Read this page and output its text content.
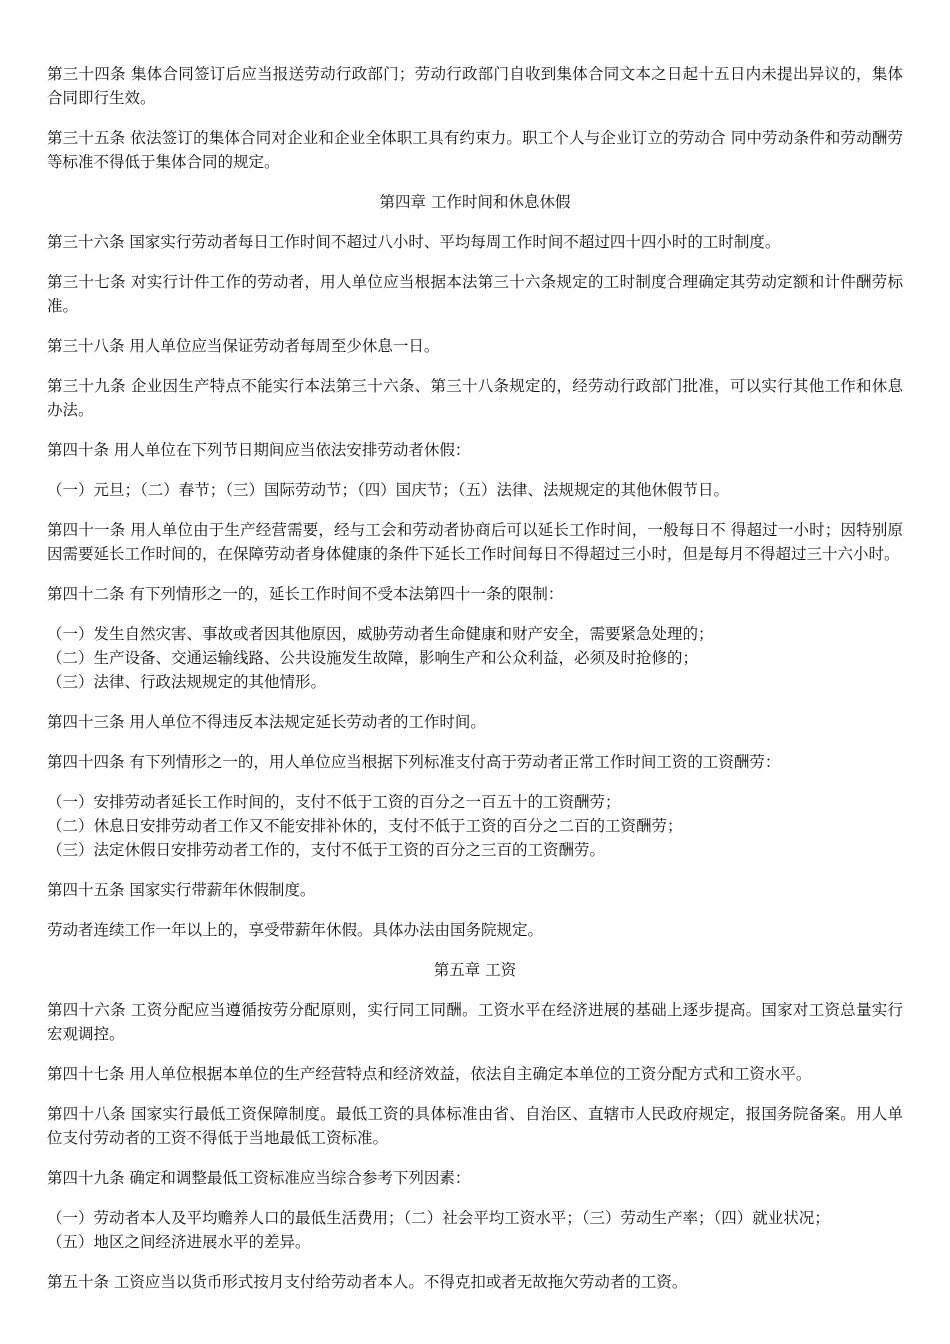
第三十四条 集体合同签订后应当报送劳动行政部门；劳动行政部门自收到集体合同文本之日起十五日内未提出异议的，集体合同即行生效。

第三十五条 依法签订的集体合同对企业和企业全体职工具有约束力。职工个人与企业订立的劳动合 同中劳动条件和劳动酬劳等标准不得低于集体合同的规定。

第四章 工作时间和休息休假

第三十六条 国家实行劳动者每日工作时间不超过八小时、平均每周工作时间不超过四十四小时的工时制度。

第三十七条 对实行计件工作的劳动者，用人单位应当根据本法第三十六条规定的工时制度合理确定其劳动定额和计件酬劳标准。

第三十八条 用人单位应当保证劳动者每周至少休息一日。

第三十九条 企业因生产特点不能实行本法第三十六条、第三十八条规定的，经劳动行政部门批准，可以实行其他工作和休息办法。

第四十条 用人单位在下列节日期间应当依法安排劳动者休假：

（一）元旦；（二）春节；（三）国际劳动节；（四）国庆节；（五）法律、法规规定的其他休假节日。

第四十一条 用人单位由于生产经营需要，经与工会和劳动者协商后可以延长工作时间，一般每日不 得超过一小时；因特别原因需要延长工作时间的，在保障劳动者身体健康的条件下延长工作时间每日不得超过三小时，但是每月不得超过三十六小时。

第四十二条 有下列情形之一的，延长工作时间不受本法第四十一条的限制：

（一）发生自然灾害、事故或者因其他原因，威胁劳动者生命健康和财产安全，需要紧急处理的；

（二）生产设备、交通运输线路、公共设施发生故障，影响生产和公众利益，必须及时抢修的；

（三）法律、行政法规规定的其他情形。

第四十三条 用人单位不得违反本法规定延长劳动者的工作时间。

第四十四条 有下列情形之一的，用人单位应当根据下列标准支付高于劳动者正常工作时间工资的工资酬劳：

（一）安排劳动者延长工作时间的，支付不低于工资的百分之一百五十的工资酬劳；

（二）休息日安排劳动者工作又不能安排补休的，支付不低于工资的百分之二百的工资酬劳；

（三）法定休假日安排劳动者工作的，支付不低于工资的百分之三百的工资酬劳。

第四十五条 国家实行带薪年休假制度。

劳动者连续工作一年以上的，享受带薪年休假。具体办法由国务院规定。

第五章 工资

第四十六条 工资分配应当遵循按劳分配原则，实行同工同酬。工资水平在经济进展的基础上逐步提高。国家对工资总量实行宏观调控。

第四十七条 用人单位根据本单位的生产经营特点和经济效益，依法自主确定本单位的工资分配方式和工资水平。

第四十八条 国家实行最低工资保障制度。最低工资的具体标准由省、自治区、直辖市人民政府规定，报国务院备案。用人单位支付劳动者的工资不得低于当地最低工资标准。

第四十九条 确定和调整最低工资标准应当综合参考下列因素：

（一）劳动者本人及平均赡养人口的最低生活费用；（二）社会平均工资水平；（三）劳动生产率；（四）就业状况；

（五）地区之间经济进展水平的差异。

第五十条 工资应当以货币形式按月支付给劳动者本人。不得克扣或者无故拖欠劳动者的工资。
